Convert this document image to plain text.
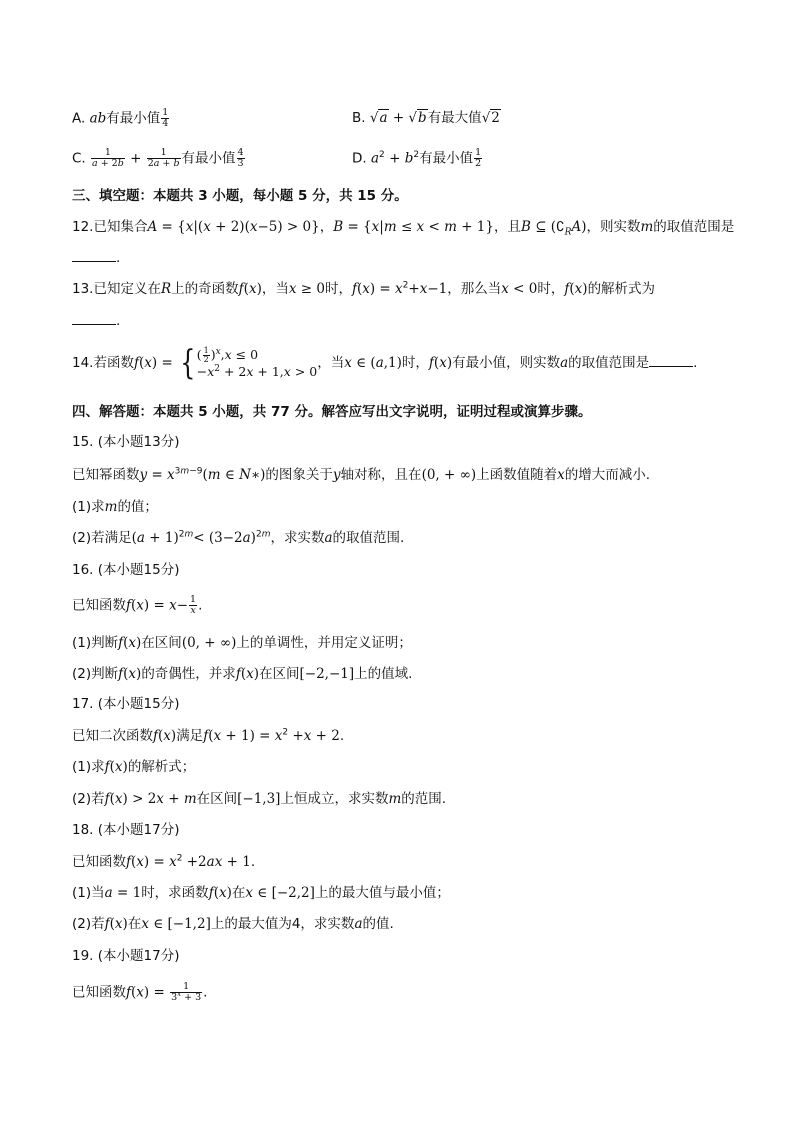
A. ab有最小值 $\frac{1}{4}$	B. √a + √b有最大值√2
C. $\frac{1}{a + 2b} + \frac{1}{2a + b}$ 有最小值 $\frac{4}{3}$	D. $a^2 + b^2$有最小值 $\frac{1}{2}$
三、填空题：本题共 3 小题，每小题 5 分，共 15 分。
12.已知集合A = {x|(x + 2)(x−5) > 0}，B = {x|m ≤ x < m + 1}，且B ⊆ $(∁_RA)$，则实数m的取值范围是
.
13.已知定义在R上的奇函数f(x)，当x ≥ 0时，$f(x) = x^2+x-1$，那么当x < 0时，f(x)的解析式为
.
14.若函数f(x) = { ( $\frac{1}{2} )^x,x \le 0$
$-x^2 + 2x + 1,x > 0$ ，当x ∈ (a,1)时，f(x)有最小值，则实数a的取值范围是	.
四、解答题：本题共 5 小题，共 77 分。解答应写出文字说明，证明过程或演算步骤。
15. (本小题13分)
已知幂函数$y = x^{3m-9}(m$ ∈ N∗)的图象关于y轴对称，且在(0, + ∞)上函数值随着x的增大而减小.
(1)求m的值；
(2)若满足$(a + 1)^{2m}< (3-2a)^{2m}$，求实数a的取值范围.
16. (本小题15分)
已知函数$f(x) = x- \frac{1}{x}$ .
(1)判断f(x)在区间(0, + ∞)上的单调性，并用定义证明；
(2)判断f(x)的奇偶性，并求f(x)在区间[−2,−1]上的值域.
17. (本小题15分)
已知二次函数f(x)满足$f(x + 1) = x^2 +x + 2$.
(1)求f(x)的解析式；
(2)若f(x) > 2x + m在区间[−1,3]上恒成立，求实数m的范围.
18. (本小题17分)
已知函数$f(x) = x^2 +2ax + 1$.
(1)当a = 1时，求函数f(x)在x ∈ [−2,2]上的最大值与最小值；
(2)若f(x)在x ∈ [−1,2]上的最大值为4，求实数a的值.
19. (本小题17分)
已知函数$f(x) = \frac{1}{3^x + 3}$ .
